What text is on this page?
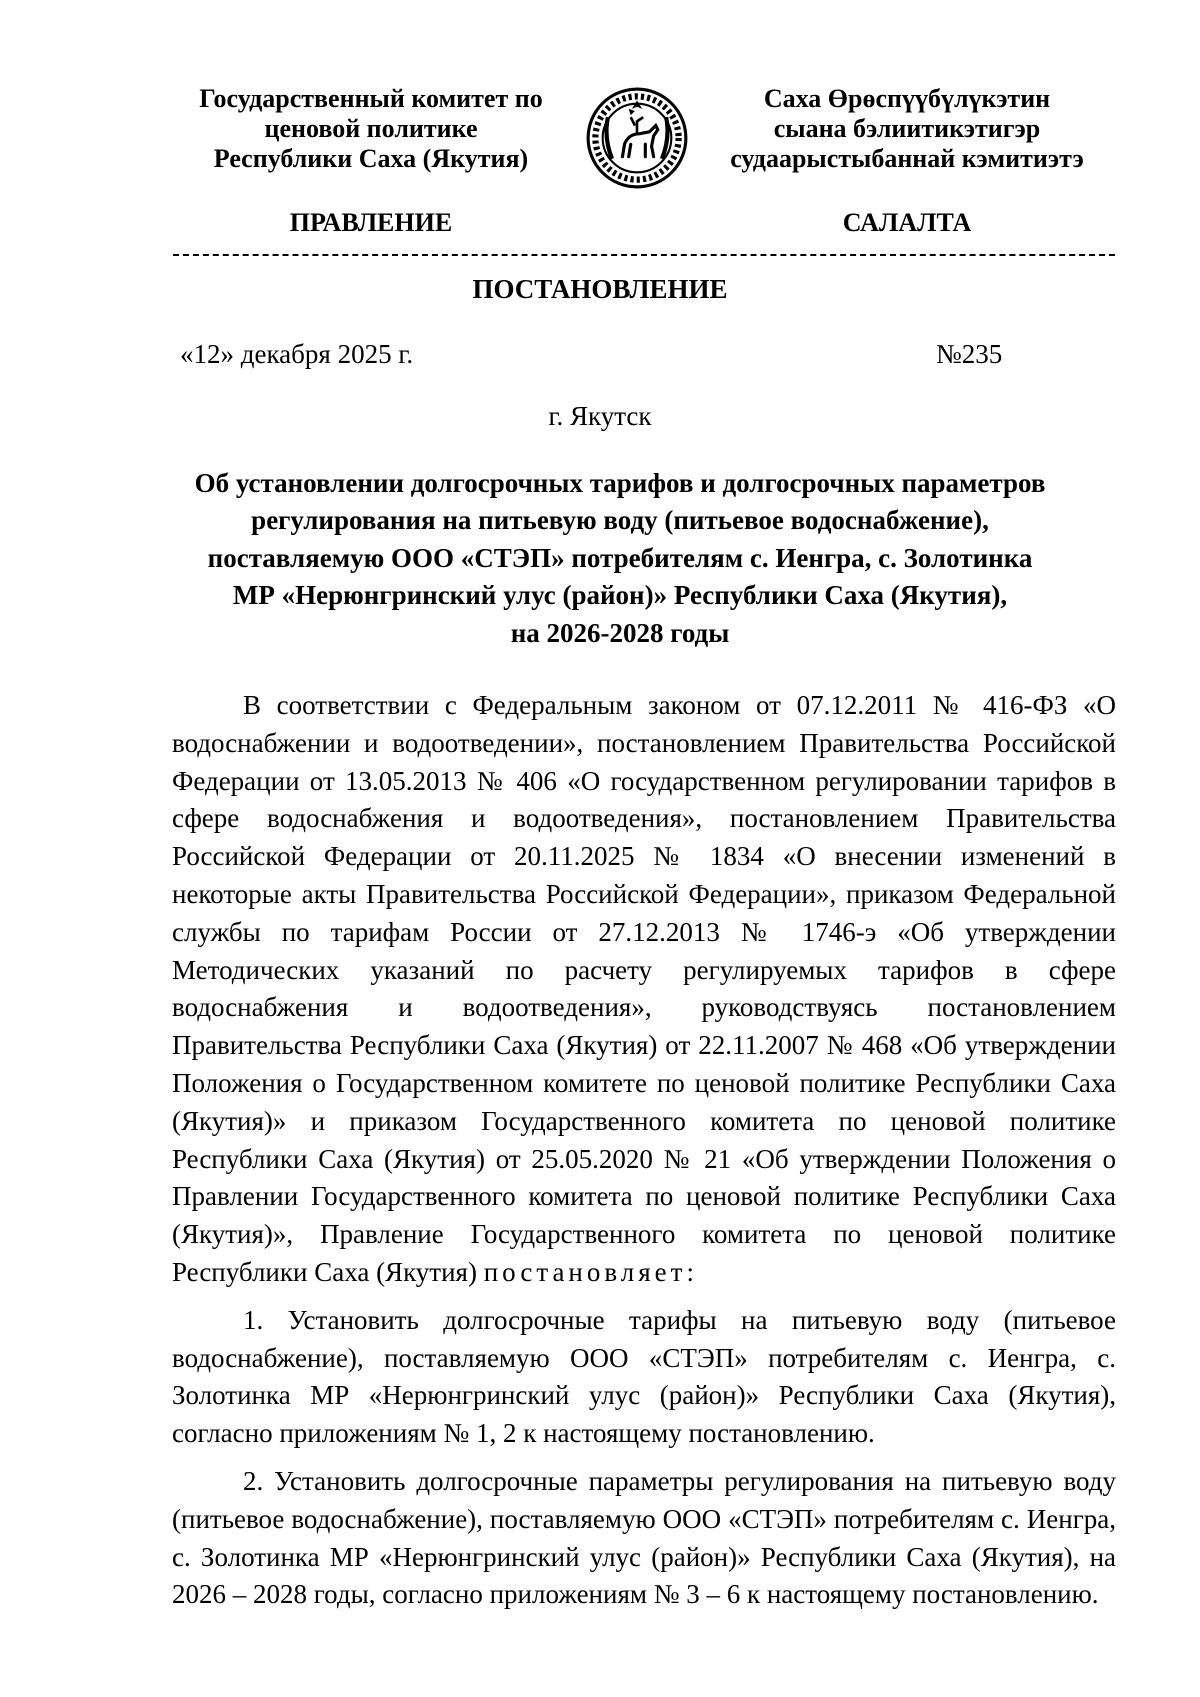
Государственный комитет по
ценовой политике
Республики Саха (Якутия)
Саха Өрөспүүбүлүкэтин
сыана бэлиитикэтигэр
судаарыстыбаннай кэмитиэтэ
ПРАВЛЕНИЕ	САЛАЛТА
ПОСТАНОВЛЕНИЕ
«12» декабря 2025 г.	№235
г. Якутск
Об установлении долгосрочных тарифов и долгосрочных параметров
регулирования на питьевую воду (питьевое водоснабжение),
поставляемую ООО «СТЭП» потребителям с. Иенгра, с. Золотинка
МР «Нерюнгринский улус (район)» Республики Саха (Якутия),
на 2026-2028 годы

В соответствии с Федеральным законом от 07.12.2011 № 416-ФЗ «О водоснабжении и водоотведении», постановлением Правительства Российской Федерации от 13.05.2013 № 406 «О государственном регулировании тарифов в сфере водоснабжения и водоотведения», постановлением Правительства Российской Федерации от 20.11.2025 № 1834 «О внесении изменений в некоторые акты Правительства Российской Федерации», приказом Федеральной службы по тарифам России от 27.12.2013 № 1746-э «Об утверждении Методических указаний по расчету регулируемых тарифов в сфере водоснабжения и водоотведения», руководствуясь постановлением Правительства Республики Саха (Якутия) от 22.11.2007 № 468 «Об утверждении Положения о Государственном комитете по ценовой политике Республики Саха (Якутия)» и приказом Государственного комитета по ценовой политике Республики Саха (Якутия) от 25.05.2020 № 21 «Об утверждении Положения о Правлении Государственного комитета по ценовой политике Республики Саха (Якутия)», Правление Государственного комитета по ценовой политике Республики Саха (Якутия) постановляет:

1. Установить долгосрочные тарифы на питьевую воду (питьевое водоснабжение), поставляемую ООО «СТЭП» потребителям с. Иенгра, с. Золотинка МР «Нерюнгринский улус (район)» Республики Саха (Якутия), согласно приложениям № 1, 2 к настоящему постановлению.

2. Установить долгосрочные параметры регулирования на питьевую воду (питьевое водоснабжение), поставляемую ООО «СТЭП» потребителям с. Иенгра, с. Золотинка МР «Нерюнгринский улус (район)» Республики Саха (Якутия), на 2026 – 2028 годы, согласно приложениям № 3 – 6 к настоящему постановлению.
